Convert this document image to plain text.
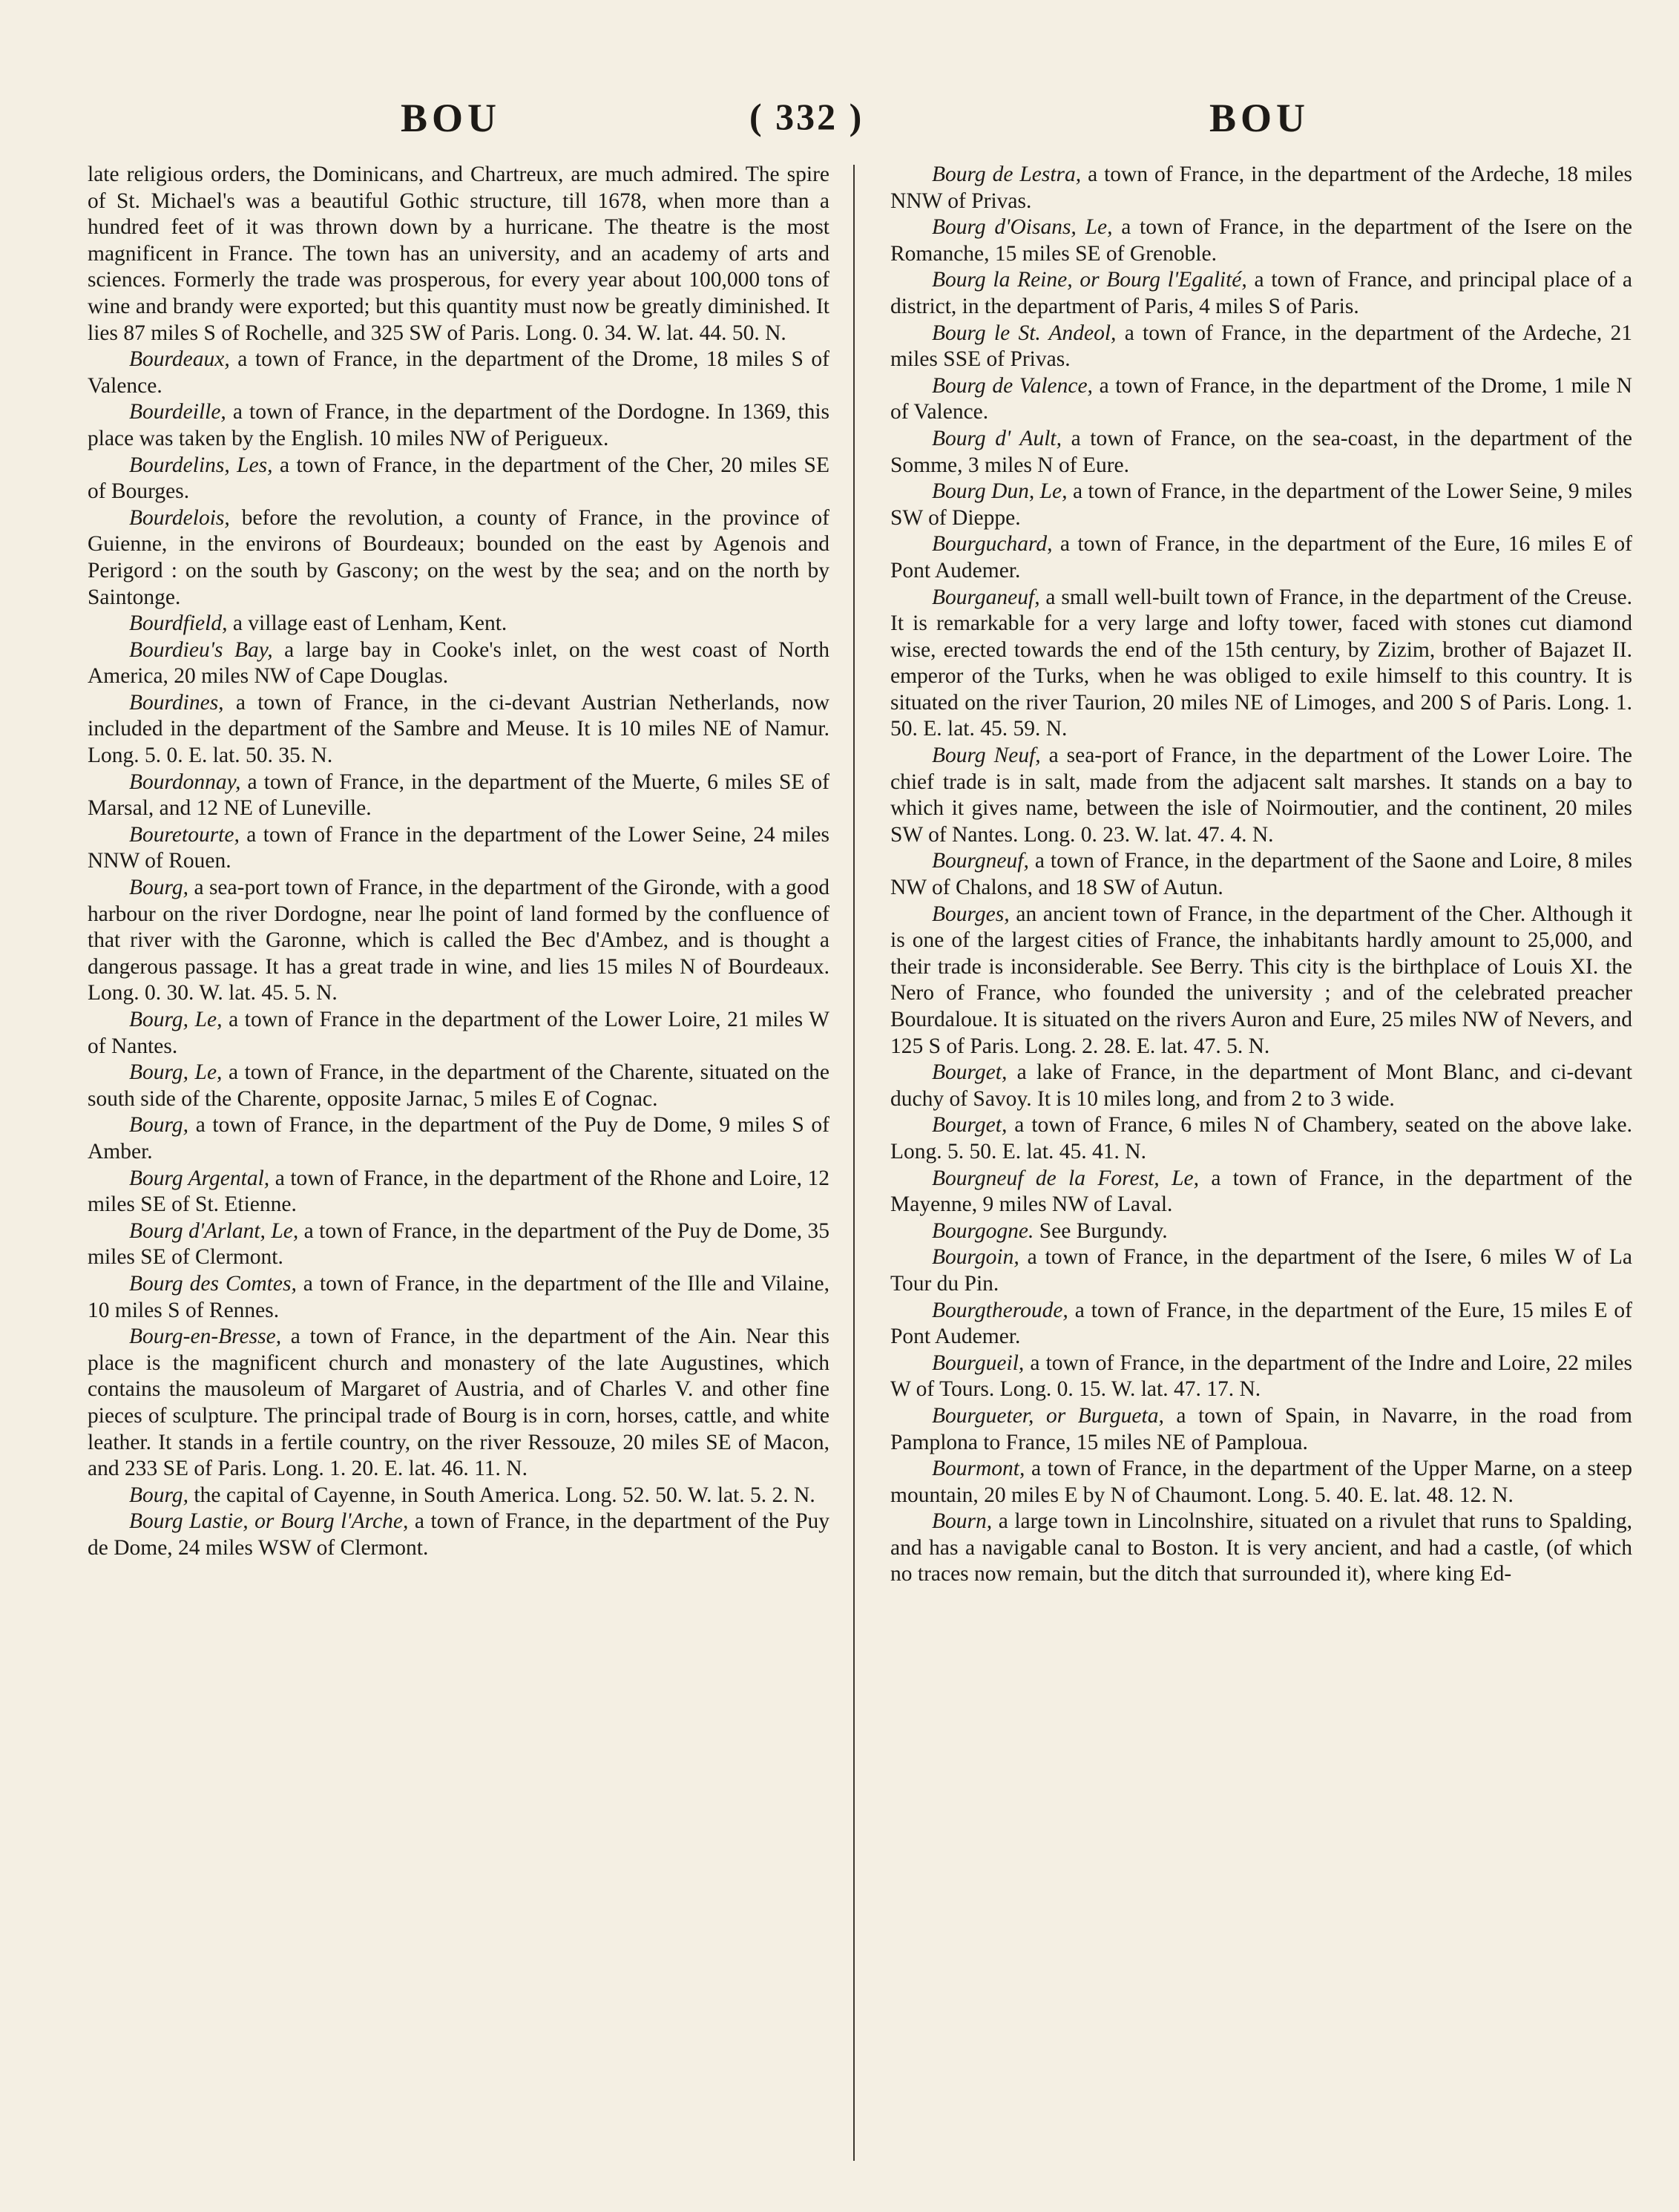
BOU	( 332 )	BOU

late religious orders, the Dominicans, and Chartreux, are much admired. The spire of St. Michael's was a beautiful Gothic structure, till 1678, when more than a hundred feet of it was thrown down by a hurricane. The theatre is the most magnificent in France. The town has an university, and an academy of arts and sciences. Formerly the trade was prosperous, for every year about 100,000 tons of wine and brandy were exported; but this quantity must now be greatly diminished. It lies 87 miles S of Rochelle, and 325 SW of Paris. Long. 0. 34. W. lat. 44. 50. N.

Bourdeaux, a town of France, in the department of the Drome, 18 miles S of Valence.

Bourdeille, a town of France, in the department of the Dordogne. In 1369, this place was taken by the English. 10 miles NW of Perigueux.

Bourdelins, Les, a town of France, in the department of the Cher, 20 miles SE of Bourges.

Bourdelois, before the revolution, a county of France, in the province of Guienne, in the environs of Bourdeaux; bounded on the east by Agenois and Perigord : on the south by Gascony; on the west by the sea; and on the north by Saintonge.

Bourdfield, a village east of Lenham, Kent.

Bourdieu's Bay, a large bay in Cooke's inlet, on the west coast of North America, 20 miles NW of Cape Douglas.

Bourdines, a town of France, in the ci-devant Austrian Netherlands, now included in the department of the Sambre and Meuse. It is 10 miles NE of Namur. Long. 5. 0. E. lat. 50. 35. N.

Bourdonnay, a town of France, in the department of the Muerte, 6 miles SE of Marsal, and 12 NE of Luneville.

Bouretourte, a town of France in the department of the Lower Seine, 24 miles NNW of Rouen.

Bourg, a sea-port town of France, in the department of the Gironde, with a good harbour on the river Dordogne, near lhe point of land formed by the confluence of that river with the Garonne, which is called the Bec d'Ambez, and is thought a dangerous passage. It has a great trade in wine, and lies 15 miles N of Bourdeaux. Long. 0. 30. W. lat. 45. 5. N.

Bourg, Le, a town of France in the department of the Lower Loire, 21 miles W of Nantes.

Bourg, Le, a town of France, in the department of the Charente, situated on the south side of the Charente, opposite Jarnac, 5 miles E of Cognac.

Bourg, a town of France, in the department of the Puy de Dome, 9 miles S of Amber.

Bourg Argental, a town of France, in the department of the Rhone and Loire, 12 miles SE of St. Etienne.

Bourg d'Arlant, Le, a town of France, in the department of the Puy de Dome, 35 miles SE of Clermont.

Bourg des Comtes, a town of France, in the department of the Ille and Vilaine, 10 miles S of Rennes.

Bourg-en-Bresse, a town of France, in the department of the Ain. Near this place is the magnificent church and monastery of the late Augustines, which contains the mausoleum of Margaret of Austria, and of Charles V. and other fine pieces of sculpture. The principal trade of Bourg is in corn, horses, cattle, and white leather. It stands in a fertile country, on the river Ressouze, 20 miles SE of Macon, and 233 SE of Paris. Long. 1. 20. E. lat. 46. 11. N.

Bourg, the capital of Cayenne, in South America. Long. 52. 50. W. lat. 5. 2. N.

Bourg Lastie, or Bourg l'Arche, a town of France, in the department of the Puy de Dome, 24 miles WSW of Clermont.

Bourg de Lestra, a town of France, in the department of the Ardeche, 18 miles NNW of Privas.

Bourg d'Oisans, Le, a town of France, in the department of the Isere on the Romanche, 15 miles SE of Grenoble.

Bourg la Reine, or Bourg l'Egalité, a town of France, and principal place of a district, in the department of Paris, 4 miles S of Paris.

Bourg le St. Andeol, a town of France, in the department of the Ardeche, 21 miles SSE of Privas.

Bourg de Valence, a town of France, in the department of the Drome, 1 mile N of Valence.

Bourg d' Ault, a town of France, on the sea-coast, in the department of the Somme, 3 miles N of Eure.

Bourg Dun, Le, a town of France, in the department of the Lower Seine, 9 miles SW of Dieppe.

Bourguchard, a town of France, in the department of the Eure, 16 miles E of Pont Audemer.

Bourganeuf, a small well-built town of France, in the department of the Creuse. It is remarkable for a very large and lofty tower, faced with stones cut diamond wise, erected towards the end of the 15th century, by Zizim, brother of Bajazet II. emperor of the Turks, when he was obliged to exile himself to this country. It is situated on the river Taurion, 20 miles NE of Limoges, and 200 S of Paris. Long. 1. 50. E. lat. 45. 59. N.

Bourg Neuf, a sea-port of France, in the department of the Lower Loire. The chief trade is in salt, made from the adjacent salt marshes. It stands on a bay to which it gives name, between the isle of Noirmoutier, and the continent, 20 miles SW of Nantes. Long. 0. 23. W. lat. 47. 4. N.

Bourgneuf, a town of France, in the department of the Saone and Loire, 8 miles NW of Chalons, and 18 SW of Autun.

Bourges, an ancient town of France, in the department of the Cher. Although it is one of the largest cities of France, the inhabitants hardly amount to 25,000, and their trade is inconsiderable. See Berry. This city is the birthplace of Louis XI. the Nero of France, who founded the university ; and of the celebrated preacher Bourdaloue. It is situated on the rivers Auron and Eure, 25 miles NW of Nevers, and 125 S of Paris. Long. 2. 28. E. lat. 47. 5. N.

Bourget, a lake of France, in the department of Mont Blanc, and ci-devant duchy of Savoy. It is 10 miles long, and from 2 to 3 wide.

Bourget, a town of France, 6 miles N of Chambery, seated on the above lake. Long. 5. 50. E. lat. 45. 41. N.

Bourgneuf de la Forest, Le, a town of France, in the department of the Mayenne, 9 miles NW of Laval.

Bourgogne. See Burgundy.

Bourgoin, a town of France, in the department of the Isere, 6 miles W of La Tour du Pin.

Bourgtheroude, a town of France, in the department of the Eure, 15 miles E of Pont Audemer.

Bourgueil, a town of France, in the department of the Indre and Loire, 22 miles W of Tours. Long. 0. 15. W. lat. 47. 17. N.

Bourgueter, or Burgueta, a town of Spain, in Navarre, in the road from Pamplona to France, 15 miles NE of Pamploua.

Bourmont, a town of France, in the department of the Upper Marne, on a steep mountain, 20 miles E by N of Chaumont. Long. 5. 40. E. lat. 48. 12. N.

Bourn, a large town in Lincolnshire, situated on a rivulet that runs to Spalding, and has a navigable canal to Boston. It is very ancient, and had a castle, (of which no traces now remain, but the ditch that surrounded it), where king Ed-
